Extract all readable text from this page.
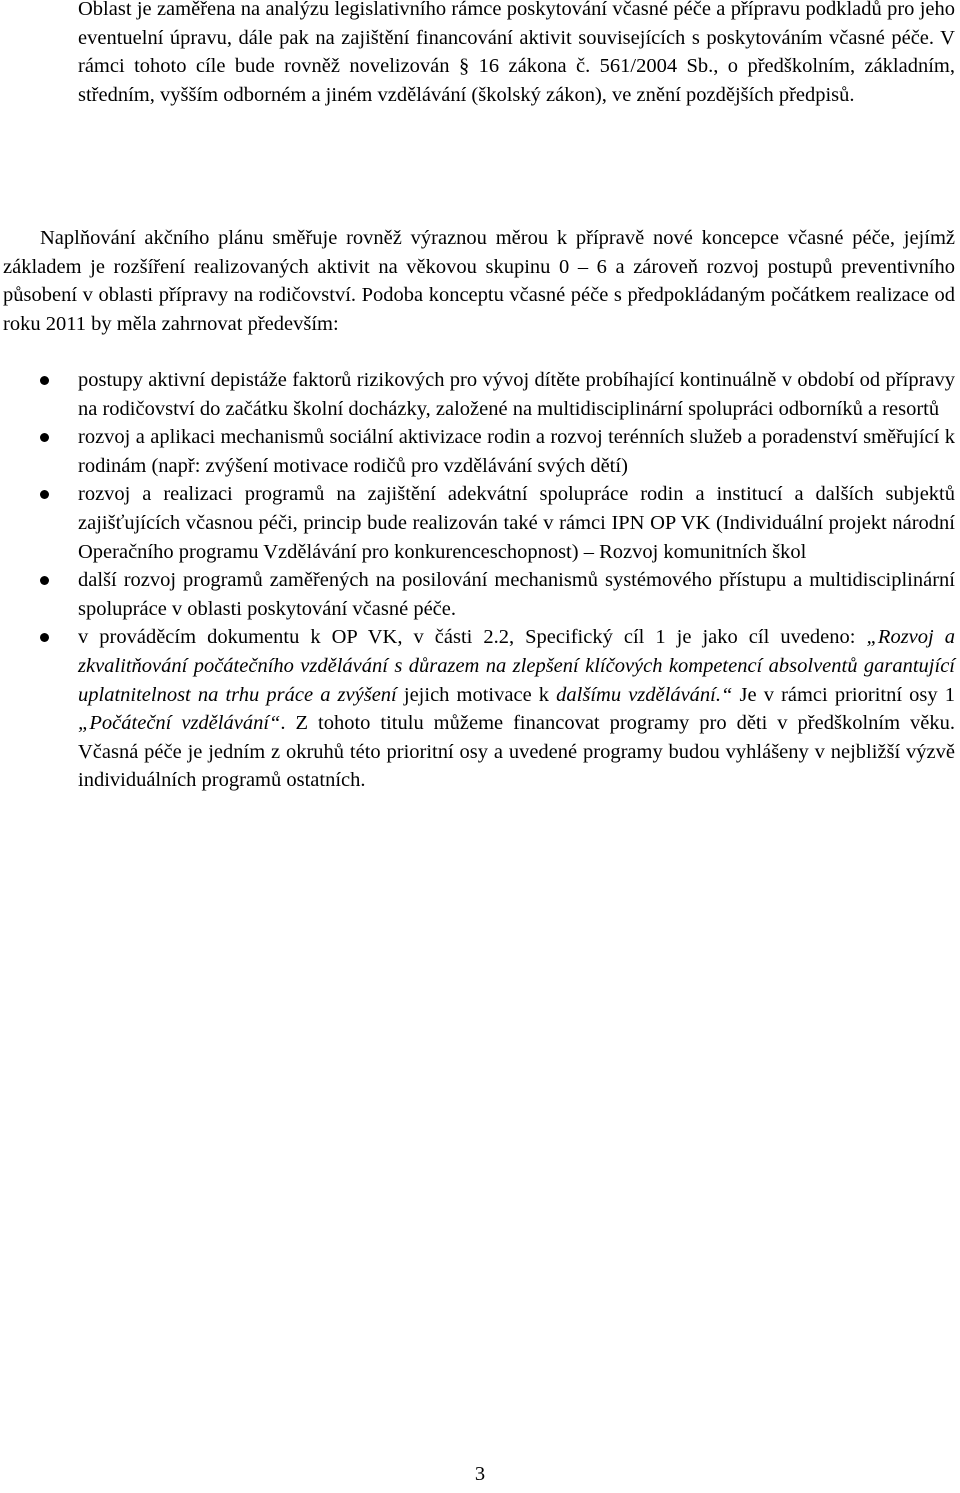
Oblast je zaměřena na analýzu legislativního rámce poskytování včasné péče a přípravu podkladů pro jeho eventuelní úpravu, dále pak na zajištění financování aktivit souvisejících s poskytováním včasné péče. V rámci tohoto cíle bude rovněž novelizován § 16 zákona č. 561/2004 Sb., o předškolním, základním, středním, vyšším odborném a jiném vzdělávání (školský zákon), ve znění pozdějších předpisů.

Naplňování akčního plánu směřuje rovněž výraznou měrou k přípravě nové koncepce včasné péče, jejímž základem je rozšíření realizovaných aktivit na věkovou skupinu 0 – 6 a zároveň rozvoj postupů preventivního působení v oblasti přípravy na rodičovství. Podoba konceptu včasné péče s předpokládaným počátkem realizace od roku 2011 by měla zahrnovat především:

postupy aktivní depistáže faktorů rizikových pro vývoj dítěte probíhající kontinuálně v období od přípravy na rodičovství do začátku školní docházky, založené na multidisciplinární spolupráci odborníků a resortů
rozvoj a aplikaci mechanismů sociální aktivizace rodin a rozvoj terénních služeb a poradenství směřující k rodinám (např: zvýšení motivace rodičů pro vzdělávání svých dětí)
rozvoj a realizaci programů na zajištění adekvátní spolupráce rodin a institucí a dalších subjektů zajišťujících včasnou péči, princip bude realizován také v rámci IPN OP VK (Individuální projekt národní Operačního programu Vzdělávání pro konkurenceschopnost) – Rozvoj komunitních škol
další rozvoj programů zaměřených na posilování mechanismů systémového přístupu a multidisciplinární spolupráce v oblasti poskytování včasné péče.
v prováděcím dokumentu k OP VK, v části 2.2, Specifický cíl 1 je jako cíl uvedeno: „Rozvoj a zkvalitňování počátečního vzdělávání s důrazem na zlepšení klíčových kompetencí absolventů garantující uplatnitelnost na trhu práce a zvýšení jejich motivace k dalšímu vzdělávání.“ Je v rámci prioritní osy 1 „Počáteční vzdělávání“. Z tohoto titulu můžeme financovat programy pro děti v předškolním věku. Včasná péče je jedním z okruhů této prioritní osy a uvedené programy budou vyhlášeny v nejbližší výzvě individuálních programů ostatních.
3
